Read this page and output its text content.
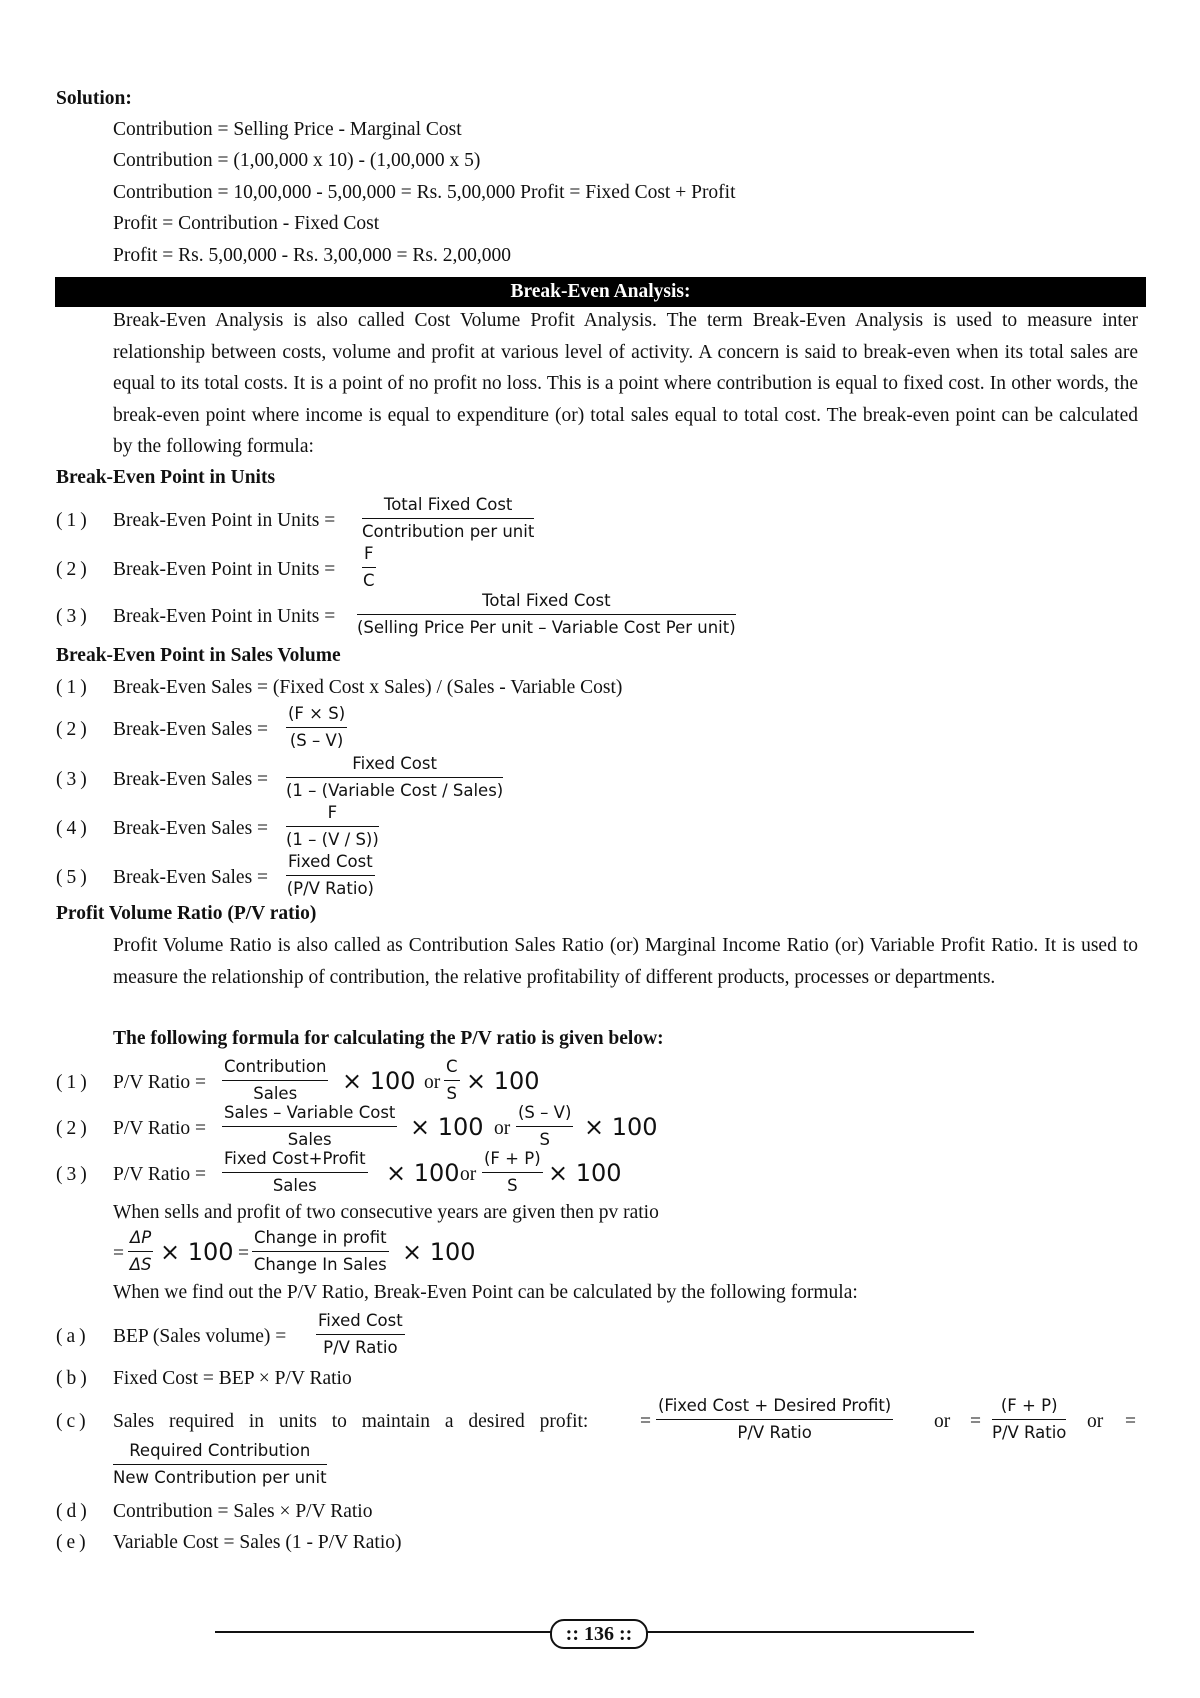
Solution:
Contribution = Selling Price - Marginal Cost
Contribution = (1,00,000 x 10) - (1,00,000 x 5)
Contribution = 10,00,000 - 5,00,000 = Rs. 5,00,000 Profit = Fixed Cost + Profit
Profit = Contribution - Fixed Cost
Profit = Rs. 5,00,000 - Rs. 3,00,000 = Rs. 2,00,000
Break-Even Analysis:
Break-Even Analysis is also called Cost Volume Profit Analysis. The term Break-Even Analysis is used to measure inter relationship between costs, volume and profit at various level of activity. A concern is said to break-even when its total sales are equal to its total costs. It is a point of no profit no loss. This is a point where contribution is equal to fixed cost. In other words, the break-even point where income is equal to expenditure (or) total sales equal to total cost. The break-even point can be calculated by the following formula:
Break-Even Point in Units
(1) Break-Even Point in Units =
Total Fixed Cost
Contribution per unit
(2) Break-Even Point in Units = $\frac{F}{C}$
(3) Break-Even Point in Units =
Total Fixed Cost
(Selling Price Per unit – Variable Cost Per unit)
Break-Even Point in Sales Volume
(1) Break-Even Sales = (Fixed Cost x Sales) / (Sales - Variable Cost)
(2) Break-Even Sales = $\frac{(F \times S)}{(S - V)}$
(3) Break-Even Sales =
Fixed Cost
(1 – (Variable Cost / Sales)
(4) Break-Even Sales = $\frac{F}{(1 - (V / S))}$
(5) Break-Even Sales =
Fixed Cost
(P/V Ratio)
Profit Volume Ratio (P/V ratio)
Profit Volume Ratio is also called as Contribution Sales Ratio (or) Marginal Income Ratio (or) Variable Profit Ratio. It is used to measure the relationship of contribution, the relative profitability of different products, processes or departments.
The following formula for calculating the P/V ratio is given below:
(1) P/V Ratio =
Contribution
Sales	× 100 or $\frac{C}{S} \times 100$
(2) P/V Ratio =
Sales – Variable Cost
Sales	× 100 or $\frac{(S - V)}{S} \times 100$
(3) P/V Ratio =
Fixed Cost+Profit
Sales	× 100 or $\frac{(F + P)}{S} \times 100$
When sells and profit of two consecutive years are given then pv ratio
= $\frac{\Delta P}{\Delta S} \times 100$ =
Change in profit
Change In Sales × 100
When we find out the P/V Ratio, Break-Even Point can be calculated by the following formula:
(a) BEP (Sales volume) =
Fixed Cost
P/V Ratio
(b) Fixed Cost = BEP × P/V Ratio
(c) Sales required in units to maintain a desired profit:	=
(Fixed Cost + Desired Profit)
P/V Ratio
or =
(F + P)
P/V Ratio
or =
Required Contribution
New Contribution per unit
(d) Contribution = Sales × P/V Ratio
(e) Variable Cost = Sales (1 - P/V Ratio)
:: 136 ::
